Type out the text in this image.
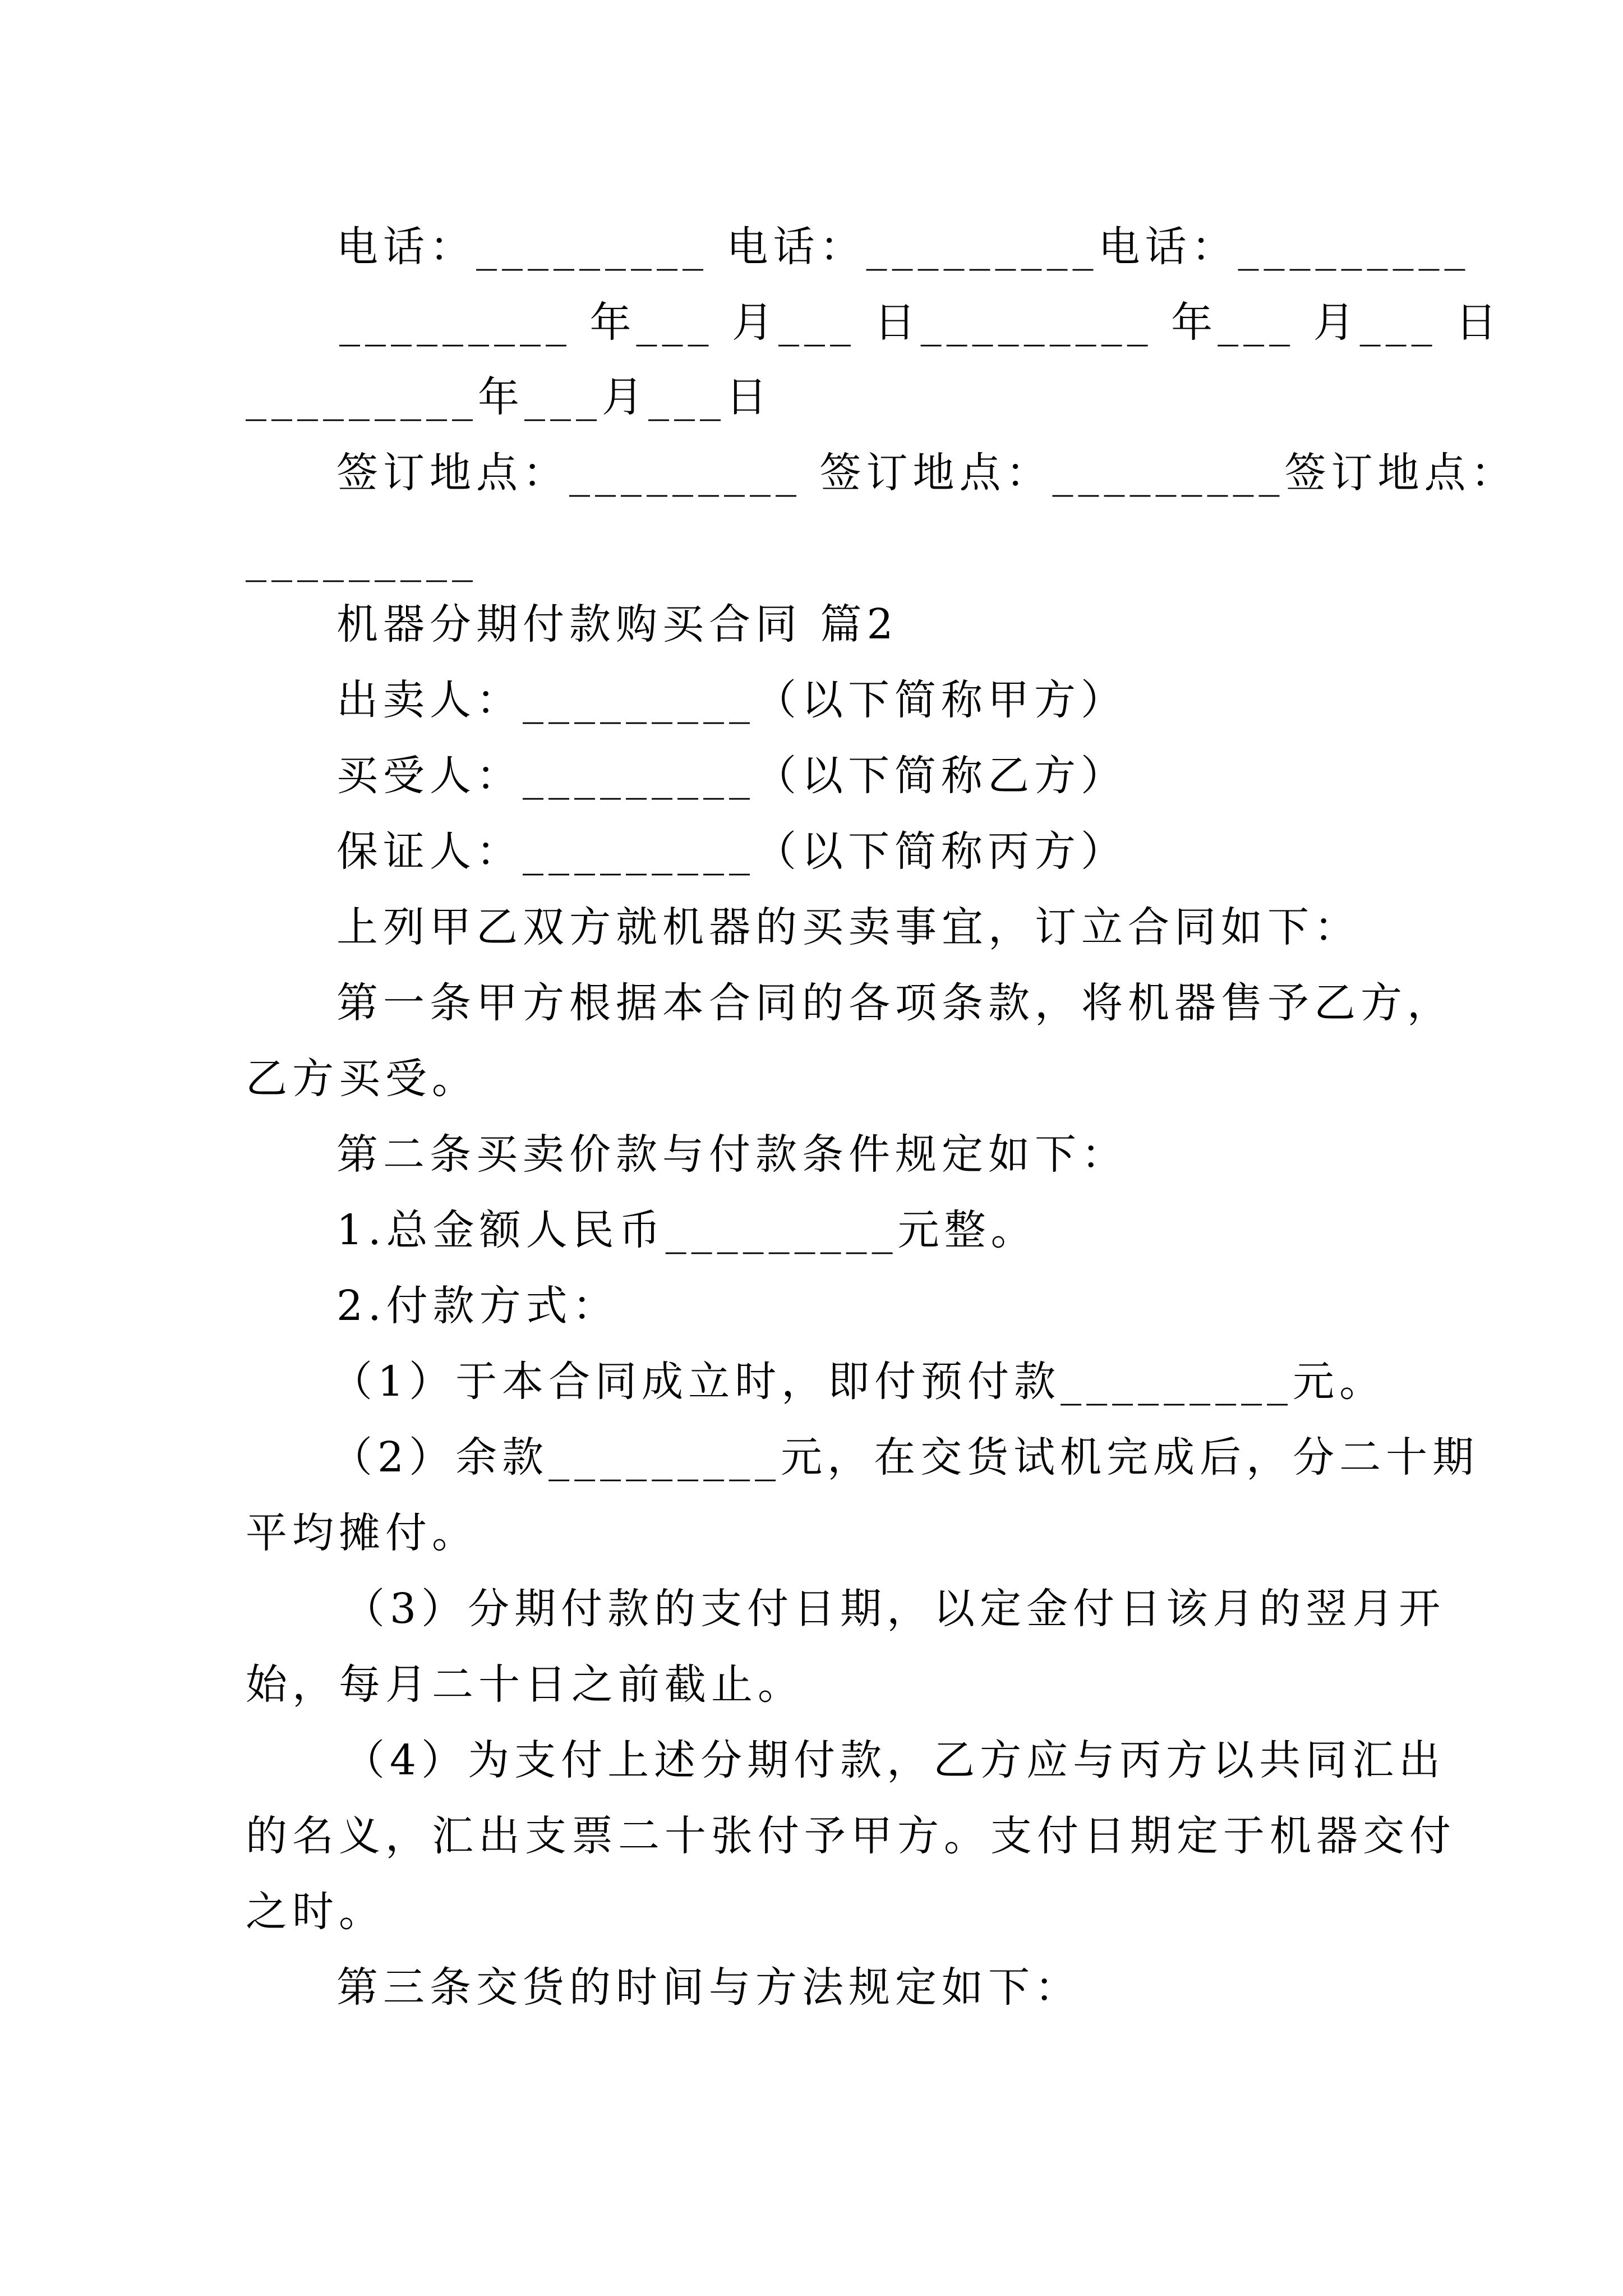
电话：_________ 电话：_________电话：_________
_________ 年___ 月___ 日_________ 年___ 月___ 日
_________年___月___日
签订地点：_________ 签订地点：_________签订地点：
_________
机器分期付款购买合同 篇2
出卖人：_________（以下简称甲方）
买受人：_________（以下简称乙方）
保证人：_________（以下简称丙方）
上列甲乙双方就机器的买卖事宜，订立合同如下：
第一条甲方根据本合同的各项条款，将机器售予乙方，
乙方买受。
第二条买卖价款与付款条件规定如下：
1.总金额人民币_________元整。
2.付款方式：
（1）于本合同成立时，即付预付款_________元。
（2）余款_________元，在交货试机完成后，分二十期
平均摊付。
（3）分期付款的支付日期，以定金付日该月的翌月开
始，每月二十日之前截止。
（4）为支付上述分期付款，乙方应与丙方以共同汇出
的名义，汇出支票二十张付予甲方。支付日期定于机器交付
之时。
第三条交货的时间与方法规定如下：
